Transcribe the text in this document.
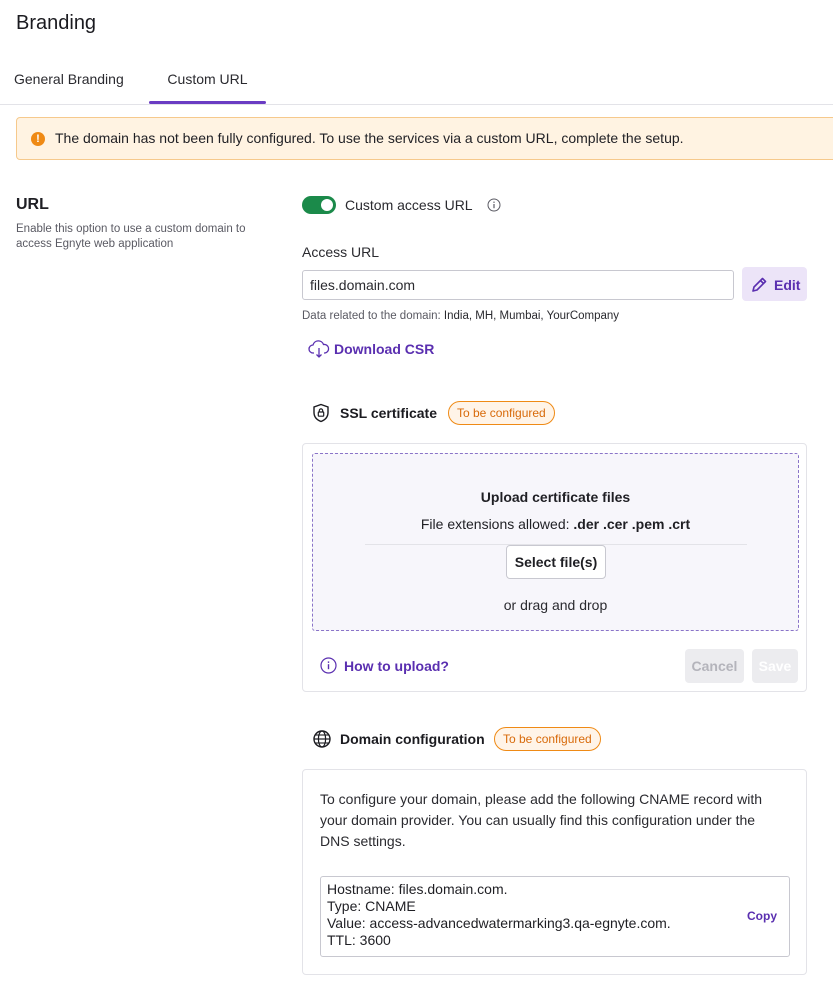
Branding
General Branding	Custom URL
!	The domain has not been fully configured. To use the services via a custom URL, complete the setup.
URL
Enable this option to use a custom domain to access Egnyte web application
Custom access URL
Access URL
files.domain.com
Edit
Data related to the domain: India, MH, Mumbai, YourCompany
Download CSR
SSL certificate	To be configured
Upload certificate files
File extensions allowed: .der .cer .pem .crt
Select file(s)
or drag and drop
How to upload?	Cancel	Save
Domain configuration	To be configured
To configure your domain, please add the following CNAME record with your domain provider. You can usually find this configuration under the DNS settings.
Hostname: files.domain.com.
Type: CNAME
Value: access-advancedwatermarking3.qa-egnyte.com.
TTL: 3600
Copy
